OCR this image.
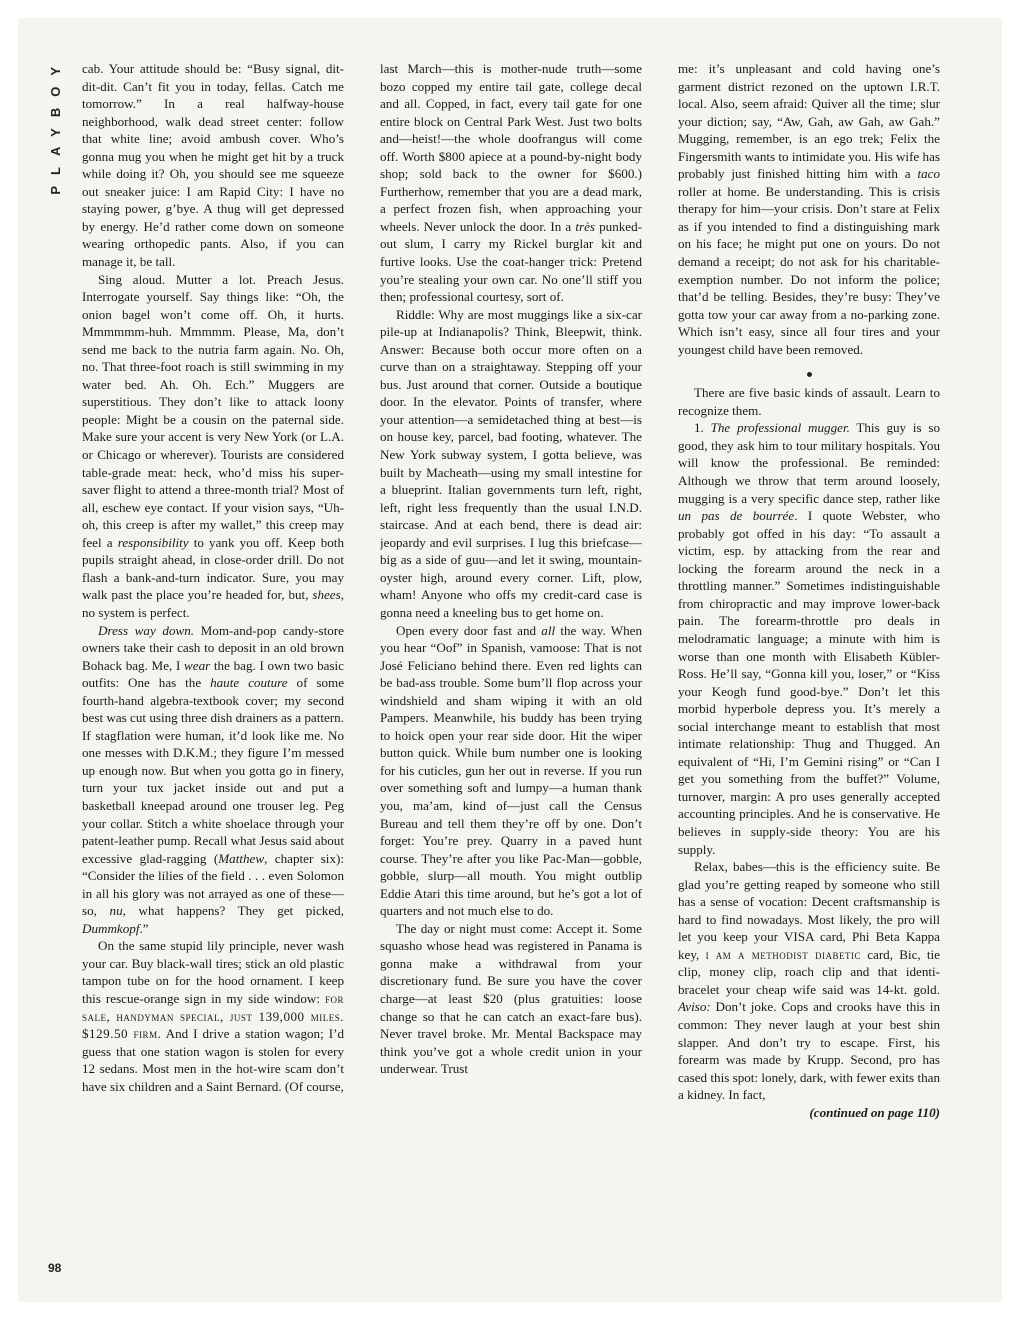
PLAYBOY
98

cab. Your attitude should be: “Busy signal, dit-dit-dit. Can’t fit you in today, fellas. Catch me tomorrow.” In a real halfway-house neighborhood, walk dead street center: follow that white line; avoid ambush cover. Who’s gonna mug you when he might get hit by a truck while doing it? Oh, you should see me squeeze out sneaker juice: I am Rapid City: I have no staying power, g’bye. A thug will get depressed by energy. He’d rather come down on someone wearing orthopedic pants. Also, if you can manage it, be tall.

Sing aloud. Mutter a lot. Preach Jesus. Interrogate yourself. Say things like: “Oh, the onion bagel won’t come off. Oh, it hurts. Mmmmmm-huh. Mmmmm. Please, Ma, don’t send me back to the nutria farm again. No. Oh, no. That three-foot roach is still swimming in my water bed. Ah. Oh. Ech.” Muggers are superstitious. They don’t like to attack loony people: Might be a cousin on the paternal side. Make sure your accent is very New York (or L.A. or Chicago or wherever). Tourists are considered table-grade meat: heck, who’d miss his super-saver flight to attend a three-month trial? Most of all, eschew eye contact. If your vision says, “Uh-oh, this creep is after my wallet,” this creep may feel a responsibility to yank you off. Keep both pupils straight ahead, in close-order drill. Do not flash a bank-and-turn indicator. Sure, you may walk past the place you’re headed for, but, shees, no system is perfect.

Dress way down. Mom-and-pop candy-store owners take their cash to deposit in an old brown Bohack bag. Me, I wear the bag. I own two basic outfits: One has the haute couture of some fourth-hand algebra-textbook cover; my second best was cut using three dish drainers as a pattern. If stagflation were human, it’d look like me. No one messes with D.K.M.; they figure I’m messed up enough now. But when you gotta go in finery, turn your tux jacket inside out and put a basketball kneepad around one trouser leg. Peg your collar. Stitch a white shoelace through your patent-leather pump. Recall what Jesus said about excessive glad-ragging (Matthew, chapter six): “Consider the lilies of the field . . . even Solomon in all his glory was not arrayed as one of these—so, nu, what happens? They get picked, Dummkopf.”

On the same stupid lily principle, never wash your car. Buy black-wall tires; stick an old plastic tampon tube on for the hood ornament. I keep this rescue-orange sign in my side window: for sale, handyman special, just 139,000 miles. $129.50 firm. And I drive a station wagon; I’d guess that one station wagon is stolen for every 12 sedans. Most men in the hot-wire scam don’t have six children and a Saint Bernard. (Of course,

last March—this is mother-nude truth—some bozo copped my entire tail gate, college decal and all. Copped, in fact, every tail gate for one entire block on Central Park West. Just two bolts and—heist!—the whole doofrangus will come off. Worth $800 apiece at a pound-by-night body shop; sold back to the owner for $600.) Furtherhow, remember that you are a dead mark, a perfect frozen fish, when approaching your wheels. Never unlock the door. In a très punked-out slum, I carry my Rickel burglar kit and furtive looks. Use the coat-hanger trick: Pretend you’re stealing your own car. No one’ll stiff you then; professional courtesy, sort of.

Riddle: Why are most muggings like a six-car pile-up at Indianapolis? Think, Bleepwit, think. Answer: Because both occur more often on a curve than on a straightaway. Stepping off your bus. Just around that corner. Outside a boutique door. In the elevator. Points of transfer, where your attention—a semidetached thing at best—is on house key, parcel, bad footing, whatever. The New York subway system, I gotta believe, was built by Macheath—using my small intestine for a blueprint. Italian governments turn left, right, left, right less frequently than the usual I.N.D. staircase. And at each bend, there is dead air: jeopardy and evil surprises. I lug this briefcase—big as a side of guu—and let it swing, mountain-oyster high, around every corner. Lift, plow, wham! Anyone who offs my credit-card case is gonna need a kneeling bus to get home on.

Open every door fast and all the way. When you hear “Oof” in Spanish, vamoose: That is not José Feliciano behind there. Even red lights can be bad-ass trouble. Some bum’ll flop across your windshield and sham wiping it with an old Pampers. Meanwhile, his buddy has been trying to hoick open your rear side door. Hit the wiper button quick. While bum number one is looking for his cuticles, gun her out in reverse. If you run over something soft and lumpy—a human thank you, ma’am, kind of—just call the Census Bureau and tell them they’re off by one. Don’t forget: You’re prey. Quarry in a paved hunt course. They’re after you like Pac-Man—gobble, gobble, slurp—all mouth. You might outblip Eddie Atari this time around, but he’s got a lot of quarters and not much else to do.

The day or night must come: Accept it. Some squasho whose head was registered in Panama is gonna make a withdrawal from your discretionary fund. Be sure you have the cover charge—at least $20 (plus gratuities: loose change so that he can catch an exact-fare bus). Never travel broke. Mr. Mental Backspace may think you’ve got a whole credit union in your underwear. Trust

me: it’s unpleasant and cold having one’s garment district rezoned on the uptown I.R.T. local. Also, seem afraid: Quiver all the time; slur your diction; say, “Aw, Gah, aw Gah, aw Gah.” Mugging, remember, is an ego trek; Felix the Fingersmith wants to intimidate you. His wife has probably just finished hitting him with a taco roller at home. Be understanding. This is crisis therapy for him—your crisis. Don’t stare at Felix as if you intended to find a distinguishing mark on his face; he might put one on yours. Do not demand a receipt; do not ask for his charitable-exemption number. Do not inform the police; that’d be telling. Besides, they’re busy: They’ve gotta tow your car away from a no-parking zone. Which isn’t easy, since all four tires and your youngest child have been removed.

There are five basic kinds of assault. Learn to recognize them.

1. The professional mugger. This guy is so good, they ask him to tour military hospitals. You will know the professional. Be reminded: Although we throw that term around loosely, mugging is a very specific dance step, rather like un pas de bourrée. I quote Webster, who probably got offed in his day: “To assault a victim, esp. by attacking from the rear and locking the forearm around the neck in a throttling manner.” Sometimes indistinguishable from chiropractic and may improve lower-back pain. The forearm-throttle pro deals in melodramatic language; a minute with him is worse than one month with Elisabeth Kübler-Ross. He’ll say, “Gonna kill you, loser,” or “Kiss your Keogh fund good-bye.” Don’t let this morbid hyperbole depress you. It’s merely a social interchange meant to establish that most intimate relationship: Thug and Thugged. An equivalent of “Hi, I’m Gemini rising” or “Can I get you something from the buffet?” Volume, turnover, margin: A pro uses generally accepted accounting principles. And he is conservative. He believes in supply-side theory: You are his supply.

Relax, babes—this is the efficiency suite. Be glad you’re getting reaped by someone who still has a sense of vocation: Decent craftsmanship is hard to find nowadays. Most likely, the pro will let you keep your VISA card, Phi Beta Kappa key, i am a methodist diabetic card, Bic, tie clip, money clip, roach clip and that identi-bracelet your cheap wife said was 14-kt. gold. Aviso: Don’t joke. Cops and crooks have this in common: They never laugh at your best shin slapper. And don’t try to escape. First, his forearm was made by Krupp. Second, pro has cased this spot: lonely, dark, with fewer exits than a kidney. In fact,

(continued on page 110)
